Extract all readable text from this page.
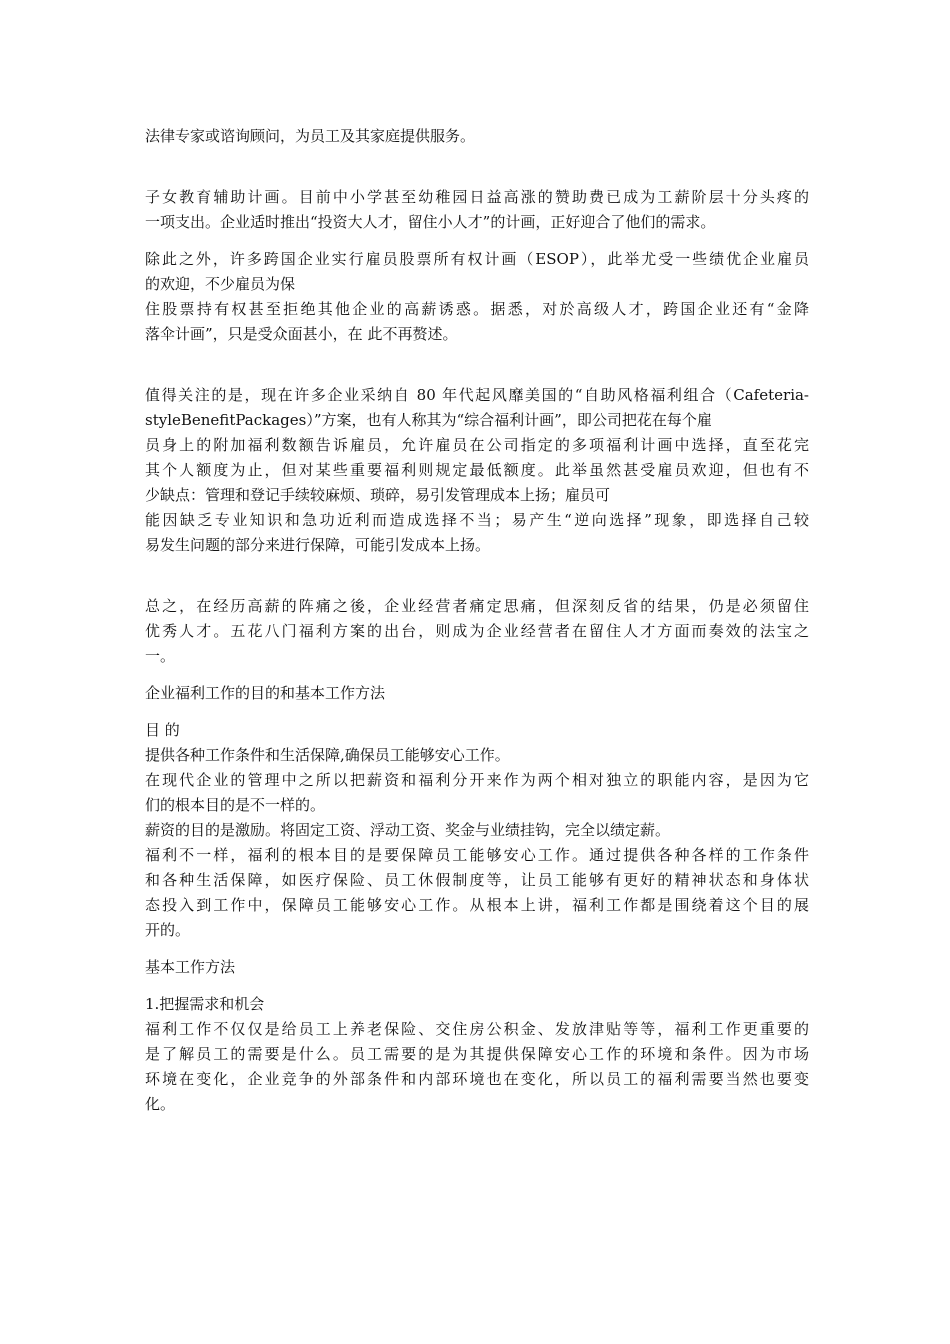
法律专家或谘询顾问，为员工及其家庭提供服务。
子女教育辅助计画。目前中小学甚至幼稚园日益高涨的赞助费已成为工薪阶层十分头疼的
一项支出。企业适时推出“投资大人才，留住小人才”的计画，正好迎合了他们的需求。
除此之外，许多跨国企业实行雇员股票所有权计画（ESOP），此举尤受一些绩优企业雇员
的欢迎，不少雇员为保
住股票持有权甚至拒绝其他企业的高薪诱惑。据悉，对於高级人才，跨国企业还有“金降
落伞计画”，只是受众面甚小，在 此不再赘述。
值得关注的是，现在许多企业采纳自 80 年代起风靡美国的“自助风格福利组合（Cafeteria-
styleBenefitPackages）”方案，也有人称其为“综合福利计画”，即公司把花在每个雇
员身上的附加福利数额告诉雇员，允许雇员在公司指定的多项福利计画中选择，直至花完
其个人额度为止，但对某些重要福利则规定最低额度。此举虽然甚受雇员欢迎，但也有不
少缺点：管理和登记手续较麻烦、琐碎，易引发管理成本上扬；雇员可
能因缺乏专业知识和急功近利而造成选择不当；易产生“逆向选择”现象，即选择自己较
易发生问题的部分来进行保障，可能引发成本上扬。
总之，在经历高薪的阵痛之後，企业经营者痛定思痛，但深刻反省的结果，仍是必须留住
优秀人才。五花八门福利方案的出台，则成为企业经营者在留住人才方面而奏效的法宝之
一。
企业福利工作的目的和基本工作方法
目 的
提供各种工作条件和生活保障,确保员工能够安心工作。
在现代企业的管理中之所以把薪资和福利分开来作为两个相对独立的职能内容，是因为它
们的根本目的是不一样的。
薪资的目的是激励。将固定工资、浮动工资、奖金与业绩挂钩，完全以绩定薪。
福利不一样，福利的根本目的是要保障员工能够安心工作。通过提供各种各样的工作条件
和各种生活保障，如医疗保险、员工休假制度等，让员工能够有更好的精神状态和身体状
态投入到工作中，保障员工能够安心工作。从根本上讲，福利工作都是围绕着这个目的展
开的。
基本工作方法
1.把握需求和机会
福利工作不仅仅是给员工上养老保险、交住房公积金、发放津贴等等，福利工作更重要的
是了解员工的需要是什么。员工需要的是为其提供保障安心工作的环境和条件。因为市场
环境在变化，企业竞争的外部条件和内部环境也在变化，所以员工的福利需要当然也要变
化。
